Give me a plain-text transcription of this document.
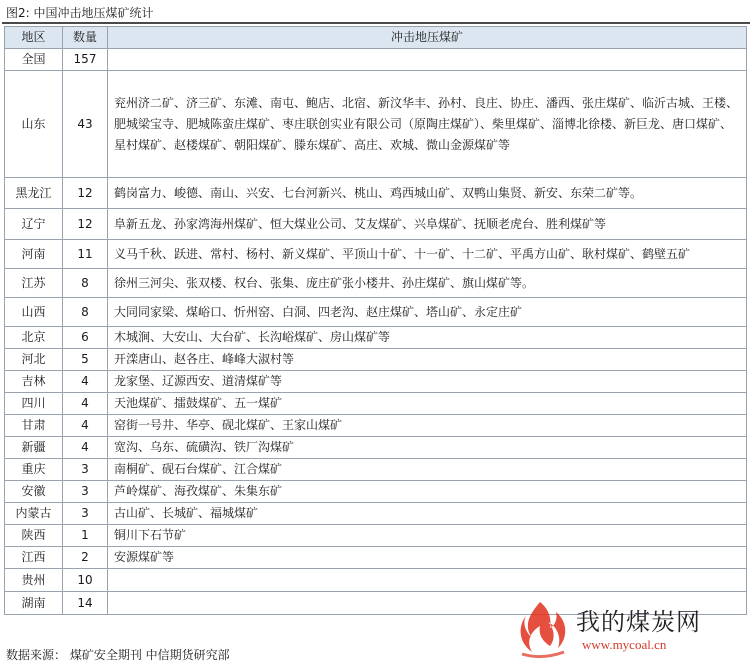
图2: 中国冲击地压煤矿统计
地区	数量	冲击地压煤矿
全国	157	
山东	43	兖州济二矿、济三矿、东滩、南屯、鲍店、北宿、新汶华丰、孙村、良庄、协庄、潘西、张庄煤矿、临沂古城、王楼、肥城梁宝寺、肥城陈蛮庄煤矿、枣庄联创实业有限公司（原陶庄煤矿）、柴里煤矿、淄博北徐楼、新巨龙、唐口煤矿、星村煤矿、赵楼煤矿、朝阳煤矿、滕东煤矿、高庄、欢城、微山金源煤矿等
黑龙江	12	鹤岗富力、峻德、南山、兴安、七台河新兴、桃山、鸡西城山矿、双鸭山集贤、新安、东荣二矿等。
辽宁	12	阜新五龙、孙家湾海州煤矿、恒大煤业公司、艾友煤矿、兴阜煤矿、抚顺老虎台、胜利煤矿等
河南	11	义马千秋、跃进、常村、杨村、新义煤矿、平顶山十矿、十一矿、十二矿、平禹方山矿、耿村煤矿、鹤壁五矿
江苏	8	徐州三河尖、张双楼、权台、张集、庞庄矿张小楼井、孙庄煤矿、旗山煤矿等。
山西	8	大同同家梁、煤峪口、忻州窑、白洞、四老沟、赵庄煤矿、塔山矿、永定庄矿
北京	6	木城涧、大安山、大台矿、长沟峪煤矿、房山煤矿等
河北	5	开滦唐山、赵各庄、峰峰大淑村等
吉林	4	龙家堡、辽源西安、道清煤矿等
四川	4	天池煤矿、擂鼓煤矿、五一煤矿
甘肃	4	窑街一号井、华亭、砚北煤矿、王家山煤矿
新疆	4	宽沟、乌东、硫磺沟、铁厂沟煤矿
重庆	3	南桐矿、砚石台煤矿、江合煤矿
安徽	3	芦岭煤矿、海孜煤矿、朱集东矿
内蒙古	3	古山矿、长城矿、福城煤矿
陕西	1	铜川下石节矿
江西	2	安源煤矿等
贵州	10	
湖南	14	
数据来源： 煤矿安全期刊 中信期货研究部
我的煤炭网
www.mycoal.cn
